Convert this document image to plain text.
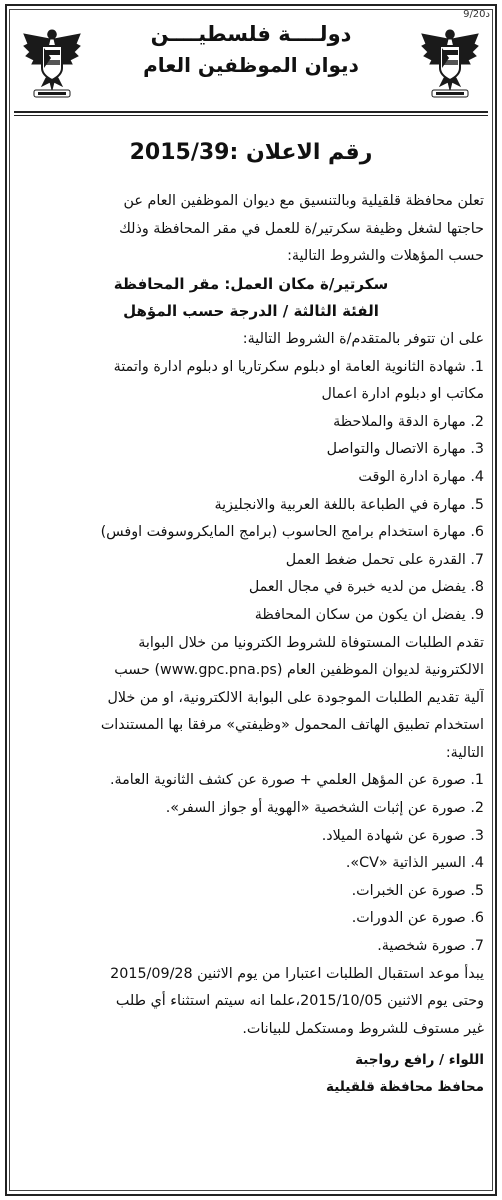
9/20د
دولــــة فلسطيــــن
ديوان الموظفين العام
رقم الاعلان :2015/39
تعلن محافظة قلقيلية وبالتنسيق مع ديوان الموظفين العام عن
حاجتها لشغل وظيفة سكرتير/ة للعمل في مقر المحافظة وذلك
حسب المؤهلات والشروط التالية:
سكرتير/ة مكان العمل: مقر المحافظة
الفئة الثالثة / الدرجة حسب المؤهل
على ان تتوفر بالمتقدم/ة الشروط التالية:
1. شهادة الثانوية العامة او دبلوم سكرتاريا او دبلوم ادارة واتمتة
مكاتب او دبلوم ادارة اعمال
2. مهارة الدقة والملاحظة
3. مهارة الاتصال والتواصل
4. مهارة ادارة الوقت
5. مهارة في الطباعة باللغة العربية والانجليزية
6. مهارة استخدام برامج الحاسوب (برامج المايكروسوفت اوفس)
7. القدرة على تحمل ضغط العمل
8. يفضل من لديه خبرة في مجال العمل
9. يفضل ان يكون من سكان المحافظة
تقدم الطلبات المستوفاة للشروط الكترونيا من خلال البوابة
الالكترونية لديوان الموظفين العام (www.gpc.pna.ps) حسب
آلية تقديم الطلبات الموجودة على البوابة الالكترونية، او من خلال
استخدام تطبيق الهاتف المحمول «وظيفتي» مرفقا بها المستندات
التالية:
1. صورة عن المؤهل العلمي + صورة عن كشف الثانوية العامة.
2. صورة عن إثبات الشخصية «الهوية أو جواز السفر».
3. صورة عن شهادة الميلاد.
4. السير الذاتية «CV».
5. صورة عن الخبرات.
6. صورة عن الدورات.
7. صورة شخصية.
يبدأ موعد استقبال الطلبات اعتبارا من يوم الاثنين 2015/09/28
وحتى يوم الاثنين 2015/10/05،علما انه سيتم استثناء أي طلب
غير مستوف للشروط ومستكمل للبيانات.
اللواء / رافع رواجبة
محافظ محافظة قلقيلية
